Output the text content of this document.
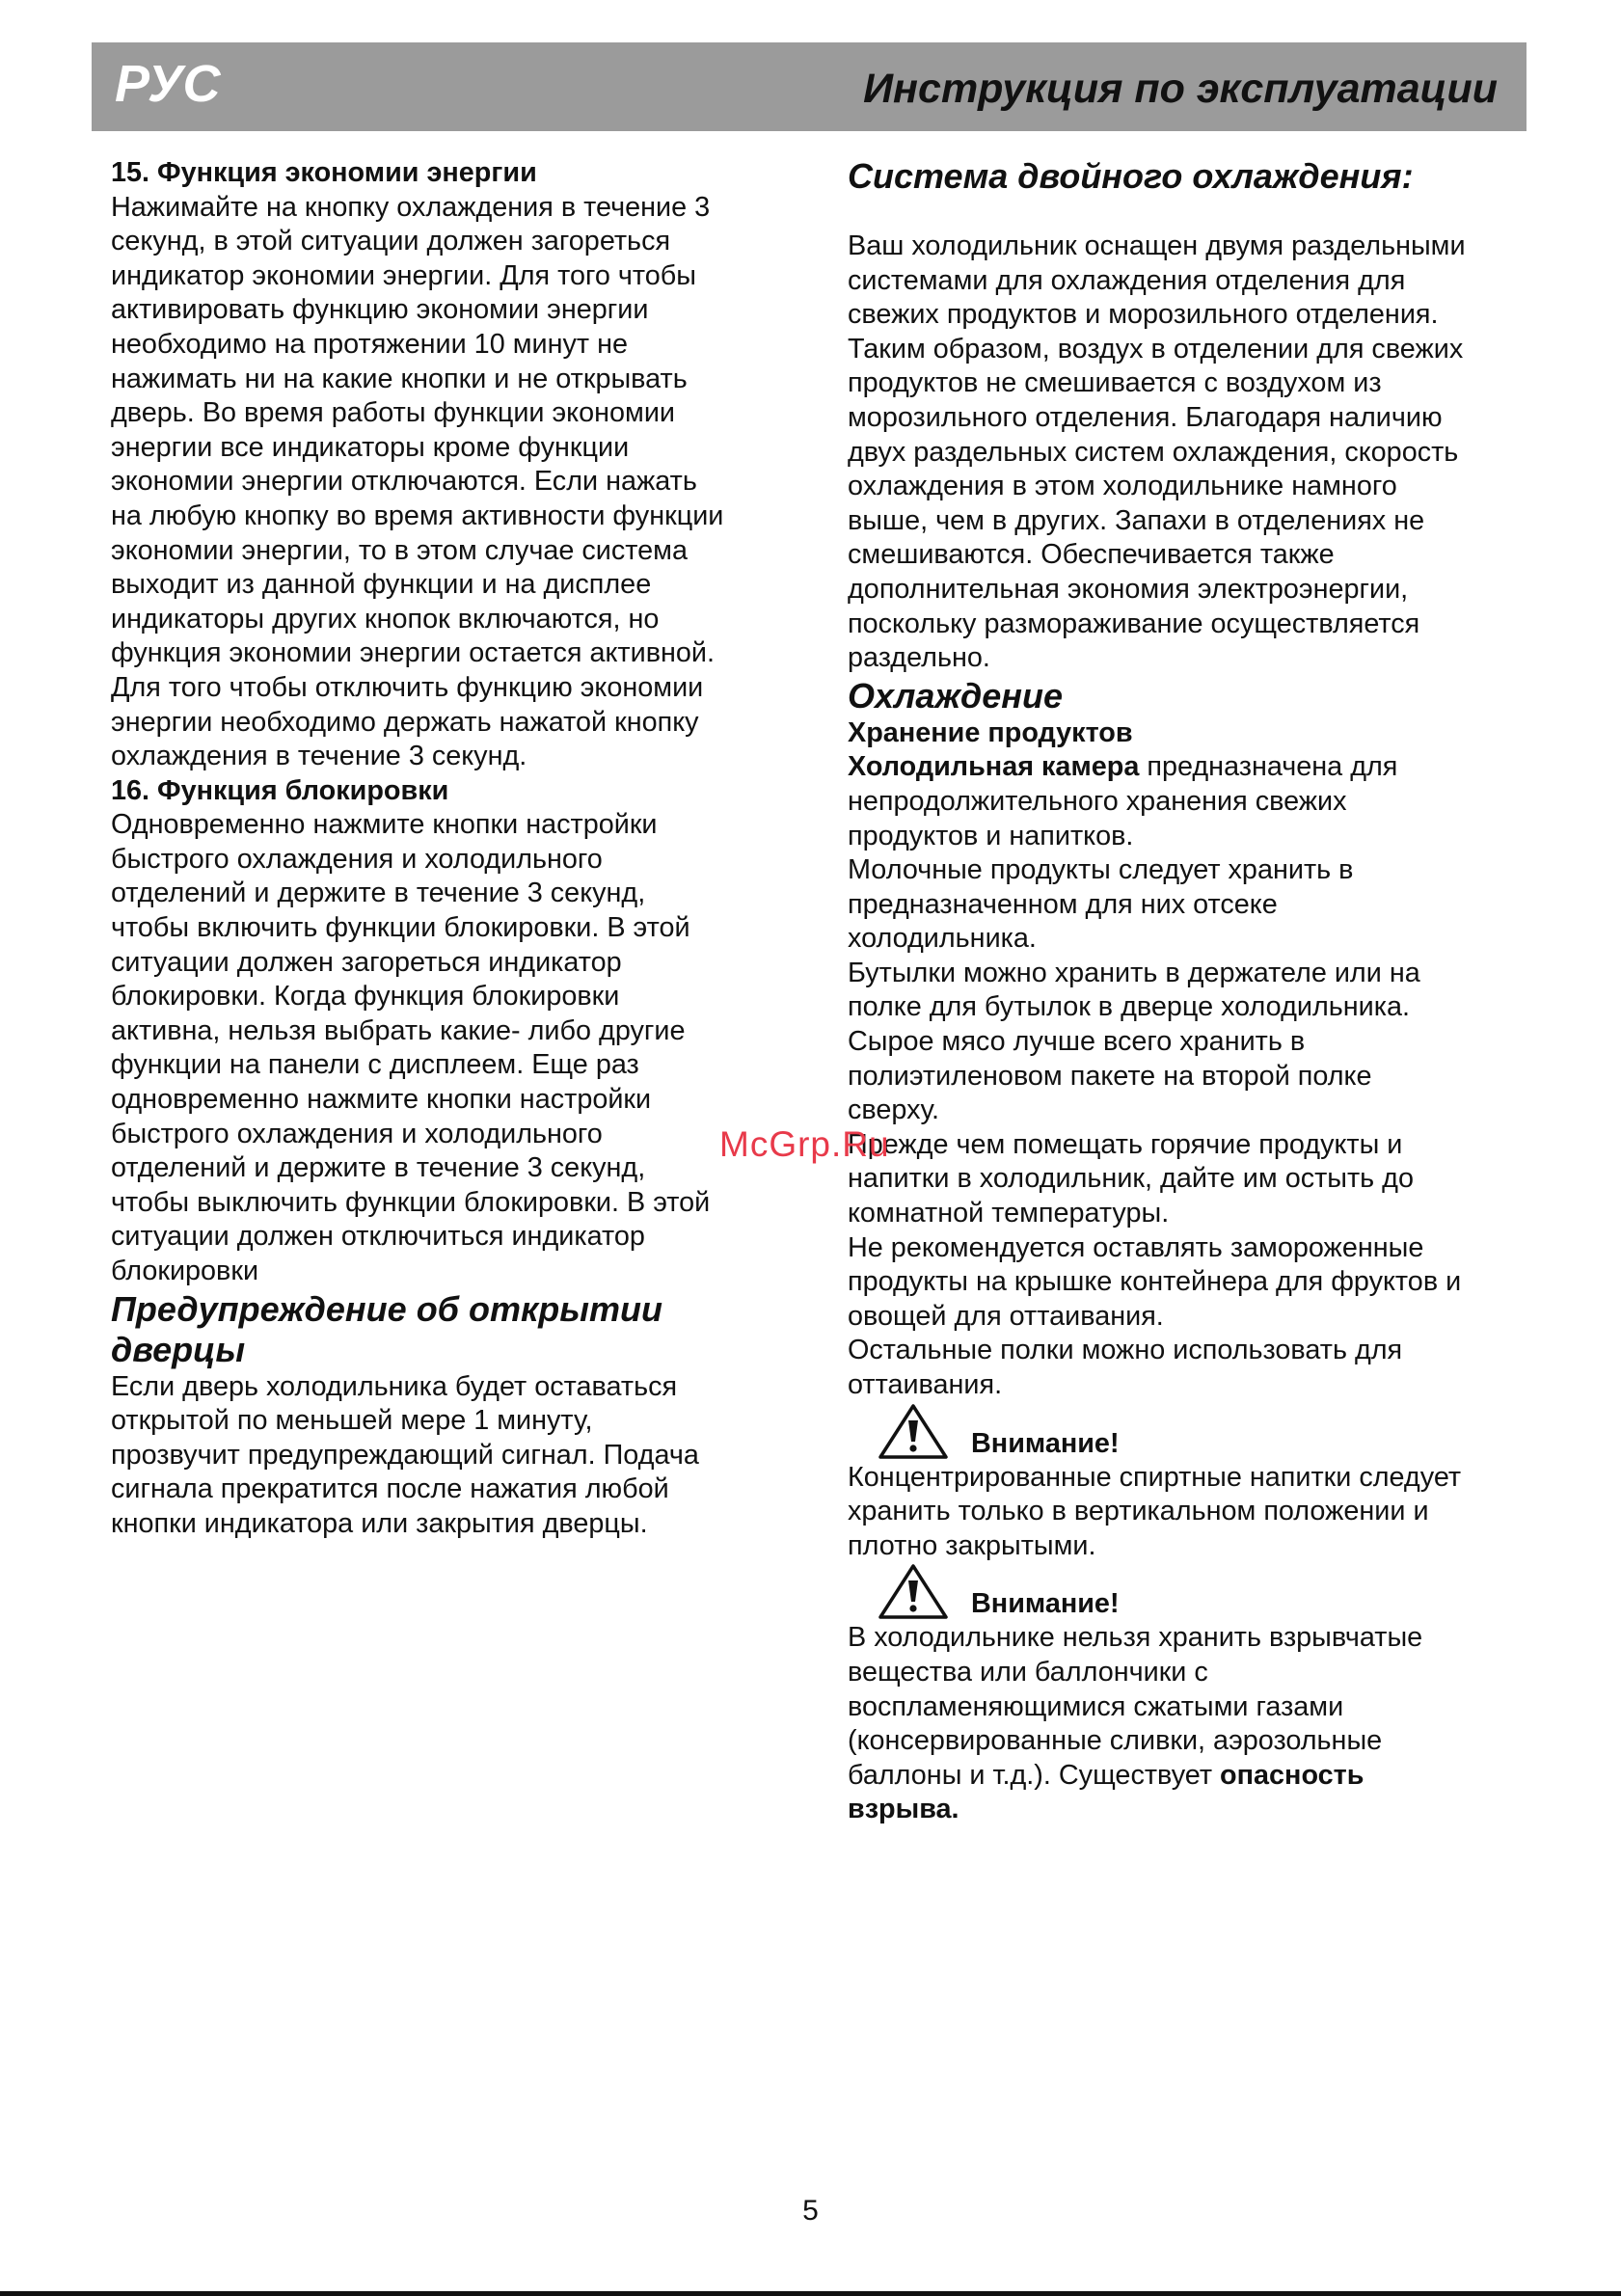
РУС	Инструкция по эксплуатации
15. Функция экономии энергии
Нажимайте на кнопку охлаждения в течение 3
секунд, в этой ситуации должен загореться
индикатор экономии энергии. Для того чтобы
активировать функцию экономии энергии
необходимо на протяжении 10 минут не
нажимать ни на какие кнопки и не открывать
дверь. Во время работы функции экономии
энергии все индикаторы кроме функции
экономии энергии отключаются. Если нажать
на любую кнопку во время активности функции
экономии энергии, то в этом случае система
выходит из данной функции и на дисплее
индикаторы других кнопок включаются, но
функция экономии энергии остается активной.
Для того чтобы отключить функцию экономии
энергии необходимо держать нажатой кнопку
охлаждения в течение 3 секунд.
16. Функция блокировки
Одновременно нажмите кнопки настройки
быстрого охлаждения и холодильного
отделений и держите в течение 3 секунд,
чтобы включить функции блокировки. В этой
ситуации должен загореться индикатор
блокировки. Когда функция блокировки
активна, нельзя выбрать какие- либо другие
функции на панели с дисплеем. Еще раз
одновременно нажмите кнопки настройки
быстрого охлаждения и холодильного
отделений и держите в течение 3 секунд,
чтобы выключить функции блокировки. В этой
ситуации должен отключиться индикатор
блокировки
Предупреждение об открытии
дверцы
Если дверь холодильника будет оставаться
открытой по меньшей мере 1 минуту,
прозвучит предупреждающий сигнал. Подача
сигнала прекратится после нажатия любой
кнопки индикатора или закрытия дверцы.
Система двойного охлаждения:
Ваш холодильник оснащен двумя раздельными
системами для охлаждения отделения для
свежих продуктов и морозильного отделения.
Таким образом, воздух в отделении для свежих
продуктов не смешивается с воздухом из
морозильного отделения. Благодаря наличию
двух раздельных систем охлаждения, скорость
охлаждения в этом холодильнике намного
выше, чем в других. Запахи в отделениях не
смешиваются. Обеспечивается также
дополнительная экономия электроэнергии,
поскольку размораживание осуществляется
раздельно.
Охлаждение
Хранение продуктов
Холодильная камера предназначена для
непродолжительного хранения свежих
продуктов и напитков.
Молочные продукты следует хранить в
предназначенном для них отсеке
холодильника.
Бутылки можно хранить в держателе или на
полке для бутылок в дверце холодильника.
Сырое мясо лучше всего хранить в
полиэтиленовом пакете на второй полке
сверху.
Прежде чем помещать горячие продукты и
напитки в холодильник, дайте им остыть до
комнатной температуры.
Не рекомендуется оставлять замороженные
продукты на крышке контейнера для фруктов и
овощей для оттаивания.
Остальные полки можно использовать для
оттаивания.
Внимание!
Концентрированные спиртные напитки следует
хранить только в вертикальном положении и
плотно закрытыми.
Внимание!
В холодильнике нельзя хранить взрывчатые
вещества или баллончики с
воспламеняющимися сжатыми газами
(консервированные сливки, аэрозольные
баллоны и т.д.). Существует опасность
взрыва.
McGrp.Ru
5
